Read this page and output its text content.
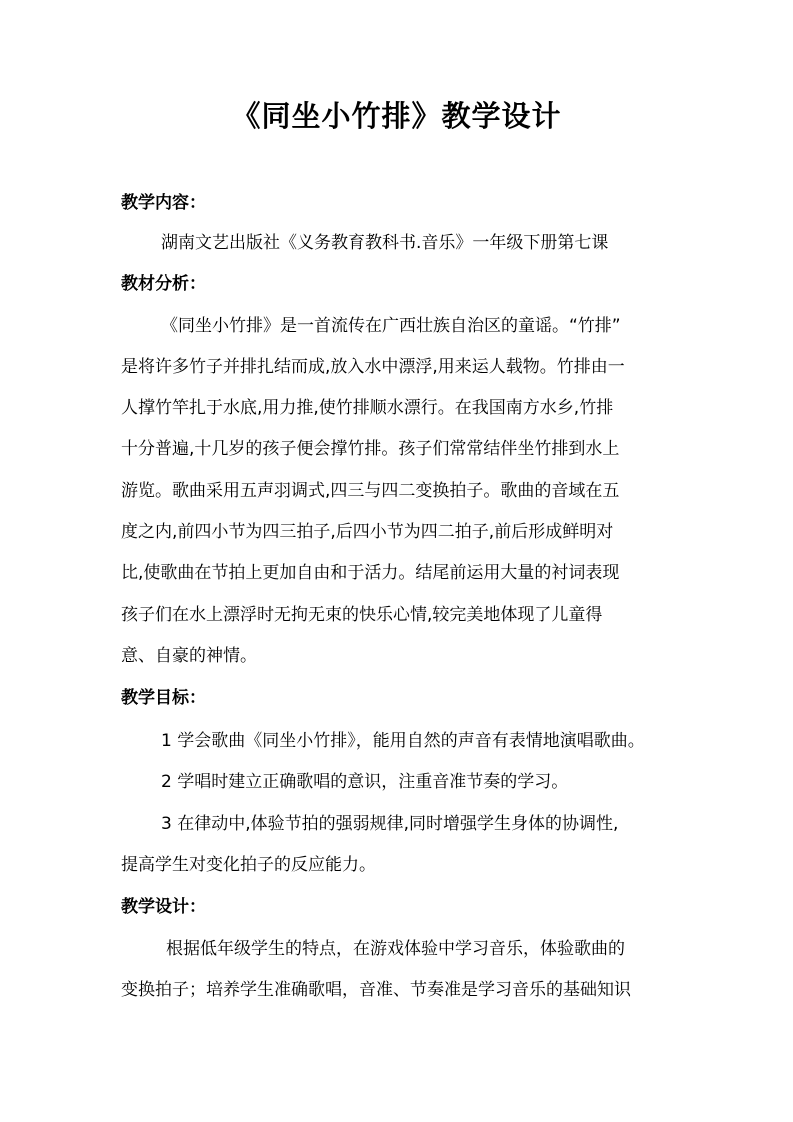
《同坐小竹排》教学设计
教学内容：
湖南文艺出版社《义务教育教科书.音乐》一年级下册第七课
教材分析：
《同坐小竹排》是一首流传在广西壮族自治区的童谣。“竹排”
是将许多竹子并排扎结而成,放入水中漂浮,用来运人载物。竹排由一
人撑竹竿扎于水底,用力推,使竹排顺水漂行。在我国南方水乡,竹排
十分普遍,十几岁的孩子便会撑竹排。孩子们常常结伴坐竹排到水上
游览。歌曲采用五声羽调式,四三与四二变换拍子。歌曲的音域在五
度之内,前四小节为四三拍子,后四小节为四二拍子,前后形成鲜明对
比,使歌曲在节拍上更加自由和于活力。结尾前运用大量的衬词表现
孩子们在水上漂浮时无拘无束的快乐心情,较完美地体现了儿童得
意、自豪的神情。
教学目标：
1 学会歌曲《同坐小竹排》，能用自然的声音有表情地演唱歌曲。
2 学唱时建立正确歌唱的意识，注重音准节奏的学习。
3 在律动中,体验节拍的强弱规律,同时增强学生身体的协调性,
提高学生对变化拍子的反应能力。
教学设计：
根据低年级学生的特点，在游戏体验中学习音乐，体验歌曲的
变换拍子；培养学生准确歌唱，音准、节奏准是学习音乐的基础知识
